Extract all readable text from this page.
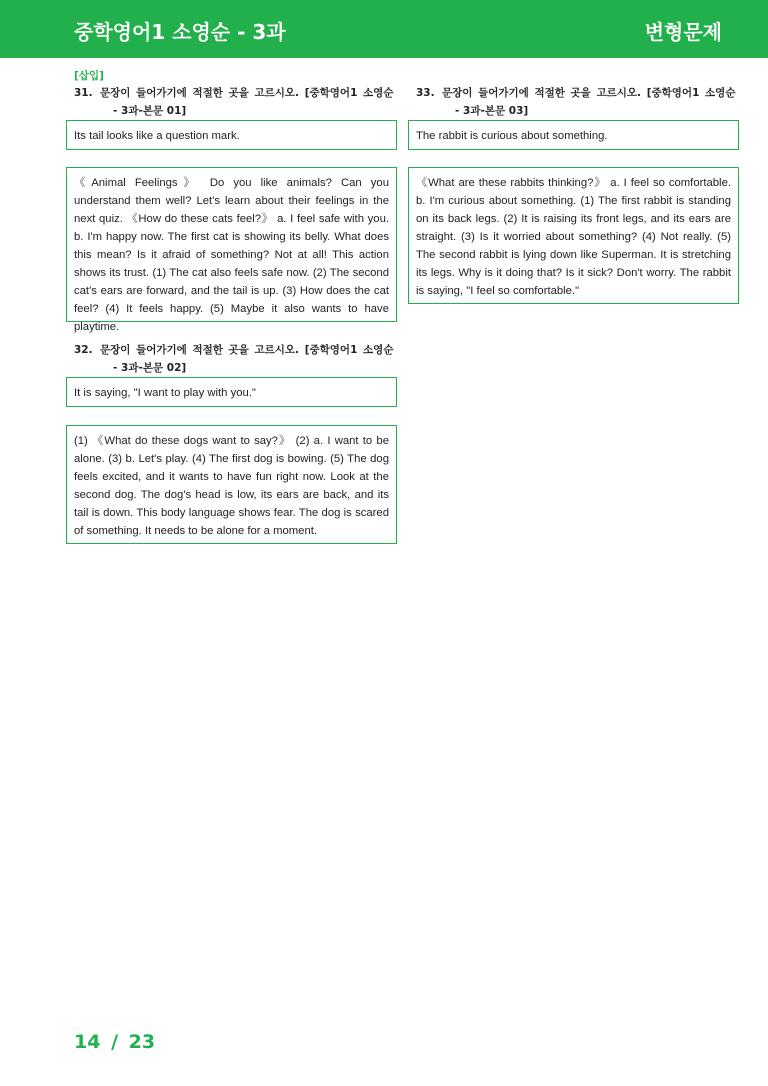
중학영어1 소영순 - 3과	변형문제
[삽입]
31. 문장이 들어가기에 적절한 곳을 고르시오. [중학영어1 소영순
- 3과-본문 01]
Its tail looks like a question mark.
《Animal Feelings》 Do you like animals? Can you understand them well? Let's learn about their feelings in the next quiz. 《How do these cats feel?》 a. I feel safe with you. b. I'm happy now. The first cat is showing its belly. What does this mean? Is it afraid of something? Not at all! This action shows its trust. (1) The cat also feels safe now. (2) The second cat's ears are forward, and the tail is up. (3) How does the cat feel? (4) It feels happy. (5) Maybe it also wants to have playtime.
32. 문장이 들어가기에 적절한 곳을 고르시오. [중학영어1 소영순
- 3과-본문 02]
It is saying, "I want to play with you."
(1) 《What do these dogs want to say?》 (2) a. I want to be alone. (3) b. Let's play. (4) The first dog is bowing. (5) The dog feels excited, and it wants to have fun right now. Look at the second dog. The dog's head is low, its ears are back, and its tail is down. This body language shows fear. The dog is scared of something. It needs to be alone for a moment.
33. 문장이 들어가기에 적절한 곳을 고르시오. [중학영어1 소영순
- 3과-본문 03]
The rabbit is curious about something.
《What are these rabbits thinking?》 a. I feel so comfortable. b. I'm curious about something. (1) The first rabbit is standing on its back legs. (2) It is raising its front legs, and its ears are straight. (3) Is it worried about something? (4) Not really. (5) The second rabbit is lying down like Superman. It is stretching its legs. Why is it doing that? Is it sick? Don't worry. The rabbit is saying, "I feel so comfortable."
14 / 23
